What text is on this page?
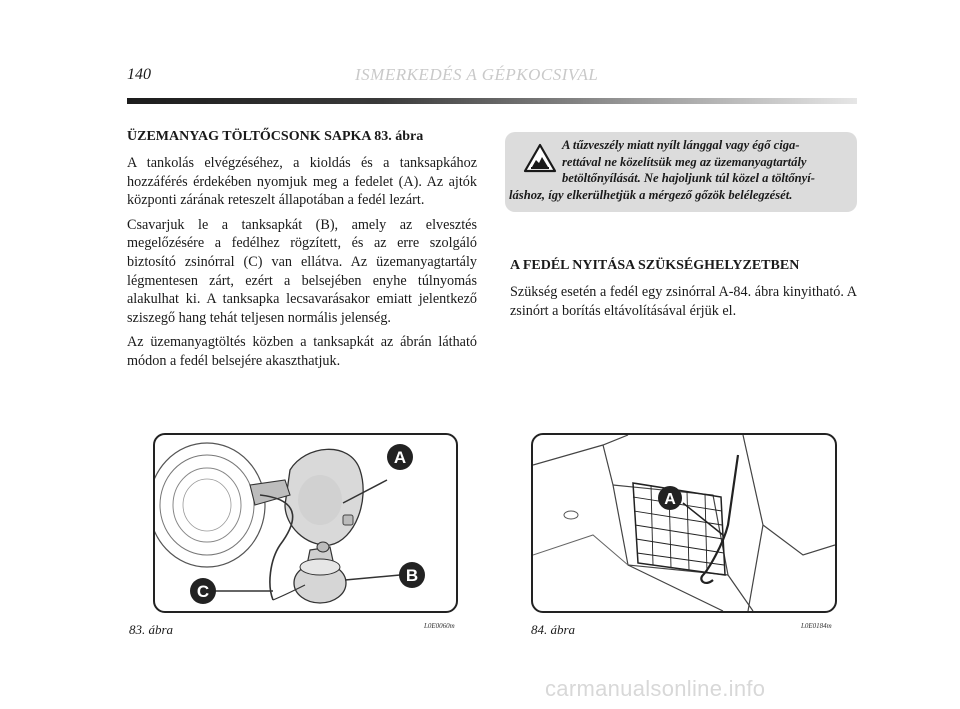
140	ISMERKEDÉS A GÉPKOCSIVAL
ÜZEMANYAG TÖLTŐCSONK SAPKA 83. ábra

A tankolás elvégzéséhez, a kioldás és a tanksapkához hozzáférés érdekében nyomjuk meg a fedelet (A). Az ajtók központi zárának reteszelt állapotában a fedél lezárt.

Csavarjuk le a tanksapkát (B), amely az elvesztés megelőzésére a fedélhez rögzített, és az erre szolgáló biztosító zsinórral (C) van ellátva. Az üzemanyagtartály légmentesen zárt, ezért a belsejében enyhe túlnyomás alakulhat ki. A tanksapka lecsavarásakor emiatt jelentkező sziszegő hang tehát teljesen normális jelenség.

Az üzemanyagtöltés közben a tanksapkát az ábrán látható módon a fedél belsejére akaszthatjuk.

A tűzveszély miatt nyílt lánggal vagy égő ciga-
rettával ne közelítsük meg az üzemanyagtartály
betöltőnyílását. Ne hajoljunk túl közel a töltőnyí-
láshoz, így elkerülhetjük a mérgező gőzök belélegzését.
A FEDÉL NYITÁSA SZÜKSÉGHELYZETBEN

Szükség esetén a fedél egy zsinórral A-84. ábra kinyitható. A zsinórt a borítás eltávolításával érjük el.

A
B
C
83. ábra	L0E0060m
A
84. ábra	L0E0184m
carmanualsonline.info
